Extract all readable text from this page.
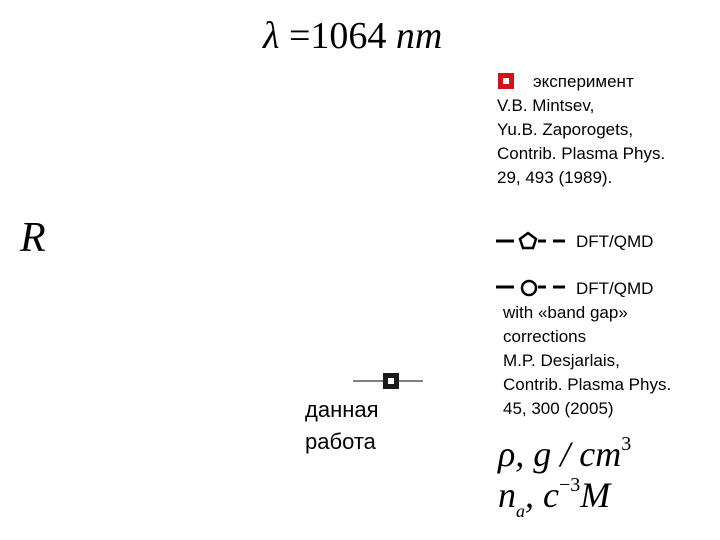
λ =1064 nm
R
эксперимент
V.B. Mintsev,
Yu.B. Zaporogets,
Contrib. Plasma Phys.
29, 493 (1989).
DFT/QMD
DFT/QMD
with «band gap»
corrections
M.P. Desjarlais,
Contrib. Plasma Phys.
45, 300 (2005)
данная
работа	ρ, g / $cm^3$
$n_a$, $c^{-3}M$
